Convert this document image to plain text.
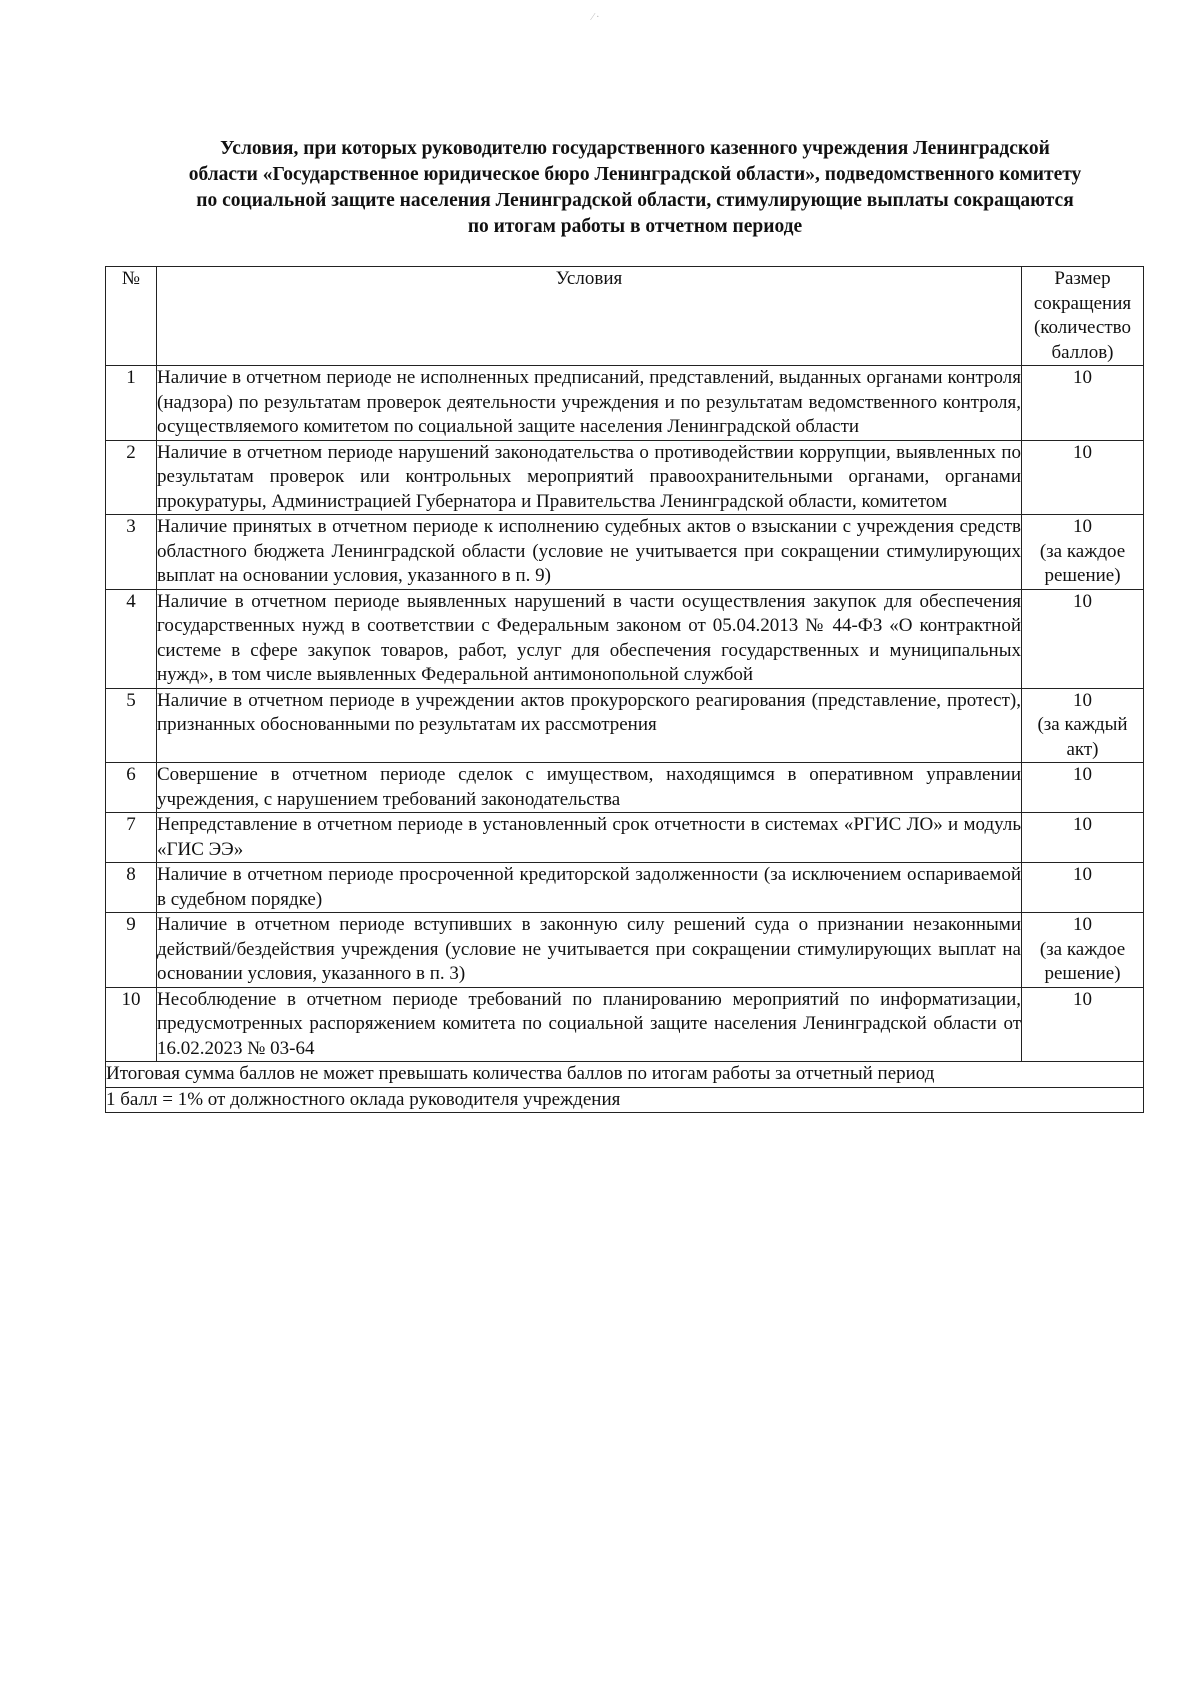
⁄ ·
Условия, при которых руководителю государственного казенного учреждения Ленинградской
области «Государственное юридическое бюро Ленинградской области», подведомственного комитету
по социальной защите населения Ленинградской области, стимулирующие выплаты сокращаются
по итогам работы в отчетном периоде
№	Условия	Размер
сокращения
(количество
баллов)

1	Наличие в отчетном периоде не исполненных предписаний, представлений, выданных органами контроля (надзора) по результатам проверок деятельности учреждения и по результатам ведомственного контроля, осуществляемого комитетом по социальной защите населения Ленинградской области	10

2	Наличие в отчетном периоде нарушений законодательства о противодействии коррупции, выявленных по результатам проверок или контрольных мероприятий правоохранительными органами, органами прокуратуры, Администрацией Губернатора и Правительства Ленинградской области, комитетом	10

3	Наличие принятых в отчетном периоде к исполнению судебных актов о взыскании с учреждения средств областного бюджета Ленинградской области (условие не учитывается при сокращении стимулирующих выплат на основании условия, указанного в п. 9)	10
(за каждое решение)

4	Наличие в отчетном периоде выявленных нарушений в части осуществления закупок для обеспечения государственных нужд в соответствии с Федеральным законом от 05.04.2013 № 44-ФЗ «О контрактной системе в сфере закупок товаров, работ, услуг для обеспечения государственных и муниципальных нужд», в том числе выявленных Федеральной антимонопольной службой	10

5	Наличие в отчетном периоде в учреждении актов прокурорского реагирования (представление, протест), признанных обоснованными по результатам их рассмотрения	10
(за каждый акт)

6	Совершение в отчетном периоде сделок с имуществом, находящимся в оперативном управлении учреждения, с нарушением требований законодательства	10

7	Непредставление в отчетном периоде в установленный срок отчетности в системах «РГИС ЛО» и модуль «ГИС ЭЭ»	10

8	Наличие в отчетном периоде просроченной кредиторской задолженности (за исключением оспариваемой в судебном порядке)	10

9	Наличие в отчетном периоде вступивших в законную силу решений суда о признании незаконными действий/бездействия учреждения (условие не учитывается при сокращении стимулирующих выплат на основании условия, указанного в п. 3)	10
(за каждое решение)

10	Несоблюдение в отчетном периоде требований по планированию мероприятий по информатизации, предусмотренных распоряжением комитета по социальной защите населения Ленинградской области от 16.02.2023 № 03-64	10

Итоговая сумма баллов не может превышать количества баллов по итогам работы за отчетный период		
1 балл = 1% от должностного оклада руководителя учреждения		
